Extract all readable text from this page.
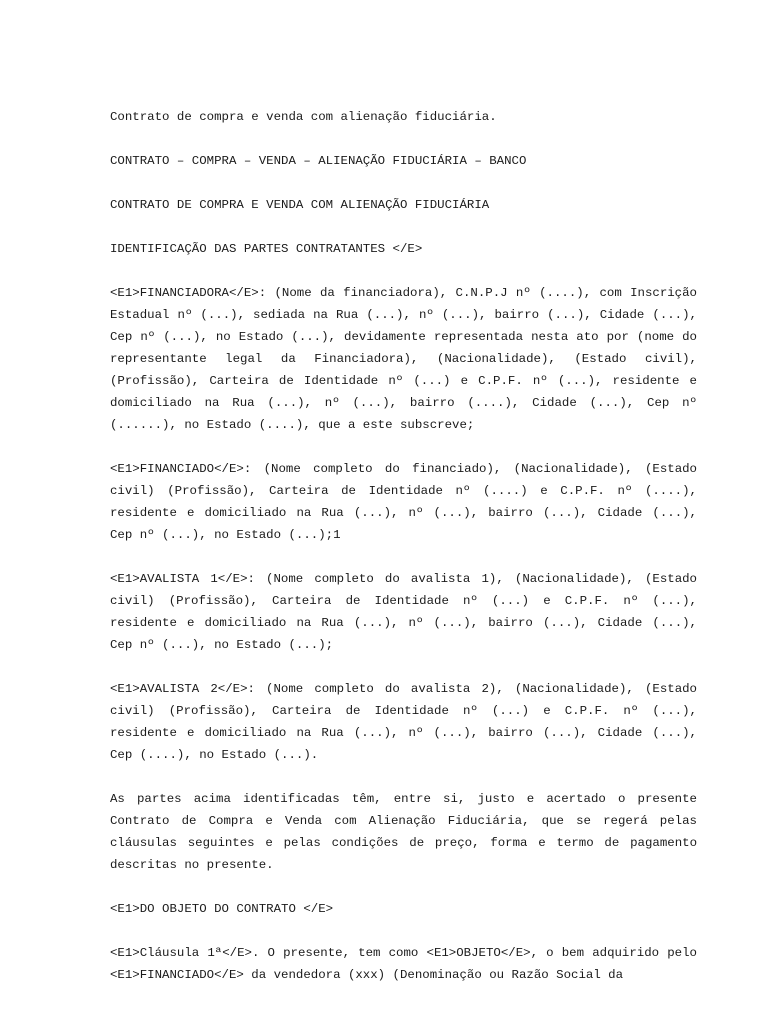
Contrato de compra e venda com alienação fiduciária.

CONTRATO – COMPRA – VENDA – ALIENAÇÃO FIDUCIÁRIA – BANCO

CONTRATO DE COMPRA E VENDA COM ALIENAÇÃO FIDUCIÁRIA

IDENTIFICAÇÃO DAS PARTES CONTRATANTES </E>

<E1>FINANCIADORA</E>: (Nome da financiadora), C.N.P.J nº (....), com Inscrição Estadual nº (...), sediada na Rua (...), nº (...), bairro (...), Cidade (...), Cep nº (...), no Estado (...), devidamente representada nesta ato por (nome do representante legal da Financiadora), (Nacionalidade), (Estado civil), (Profissão), Carteira de Identidade nº (...) e C.P.F. nº (...), residente e domiciliado na Rua (...), nº (...), bairro (....), Cidade (...), Cep nº (......), no Estado (....), que a este subscreve;

<E1>FINANCIADO</E>: (Nome completo do financiado), (Nacionalidade), (Estado civil) (Profissão), Carteira de Identidade nº (....) e C.P.F. nº (....), residente e domiciliado na Rua (...), nº (...), bairro (...), Cidade (...), Cep nº (...), no Estado (...);1

<E1>AVALISTA 1</E>: (Nome completo do avalista 1), (Nacionalidade), (Estado civil) (Profissão), Carteira de Identidade nº (...) e C.P.F. nº (...), residente e domiciliado na Rua (...), nº (...), bairro (...), Cidade (...), Cep nº (...), no Estado (...);

<E1>AVALISTA 2</E>: (Nome completo do avalista 2), (Nacionalidade), (Estado civil) (Profissão), Carteira de Identidade nº (...) e C.P.F. nº (...), residente e domiciliado na Rua (...), nº (...), bairro (...), Cidade (...), Cep (....), no Estado (...).

As partes acima identificadas têm, entre si, justo e acertado o presente Contrato de Compra e Venda com Alienação Fiduciária, que se regerá pelas cláusulas seguintes e pelas condições de preço, forma e termo de pagamento descritas no presente.

<E1>DO OBJETO DO CONTRATO </E>

<E1>Cláusula 1ª</E>. O presente, tem como <E1>OBJETO</E>, o bem adquirido pelo <E1>FINANCIADO</E> da vendedora (xxx) (Denominação ou Razão Social da
